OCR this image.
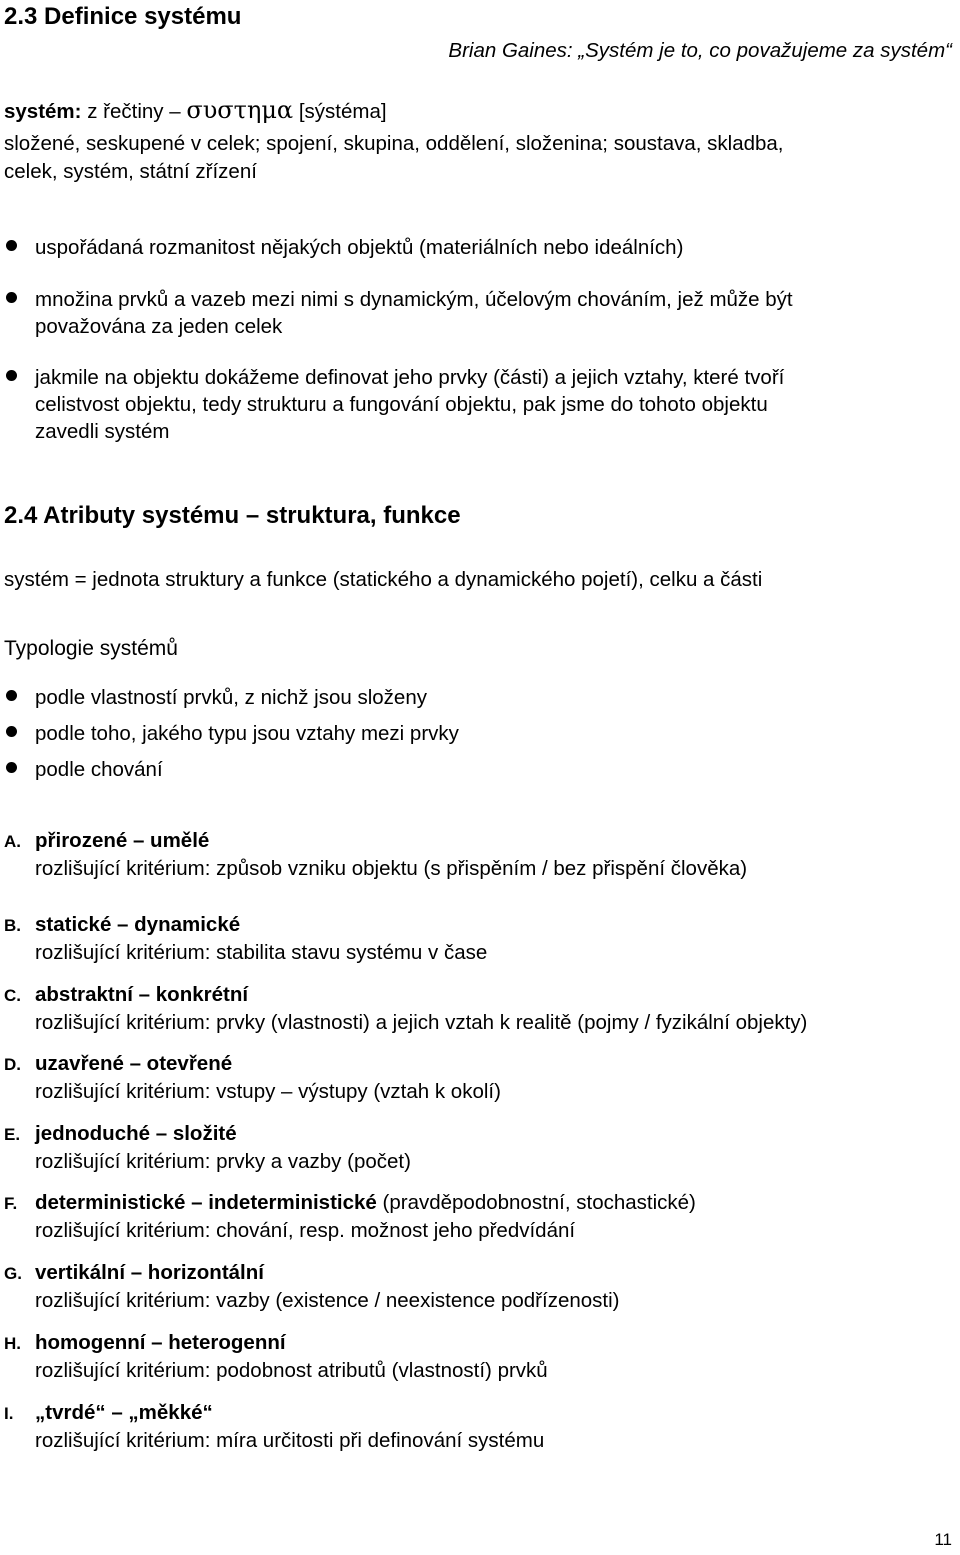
2.3 Definice systému
Brian Gaines: „Systém je to, co považujeme za systém“
systém: z řečtiny – συστημα [sýstéma]
složené, seskupené v celek; spojení, skupina, oddělení, složenina; soustava, skladba,
celek, systém, státní zřízení
uspořádaná rozmanitost nějakých objektů (materiálních nebo ideálních)
množina prvků a vazeb mezi nimi s dynamickým, účelovým chováním, jež může být
považována za jeden celek
jakmile na objektu dokážeme definovat jeho prvky (části) a jejich vztahy, které tvoří
celistvost objektu, tedy strukturu a fungování objektu, pak jsme do tohoto objektu
zavedli systém
2.4 Atributy systému – struktura, funkce
systém = jednota struktury a funkce (statického a dynamického pojetí), celku a části
Typologie systémů
podle vlastností prvků, z nichž jsou složeny
podle toho, jakého typu jsou vztahy mezi prvky
podle chování
A. přirozené – umělé
rozlišující kritérium: způsob vzniku objektu (s přispěním / bez přispění člověka)
B. statické – dynamické
rozlišující kritérium: stabilita stavu systému v čase
C. abstraktní – konkrétní
rozlišující kritérium: prvky (vlastnosti) a jejich vztah k realitě (pojmy / fyzikální objekty)
D. uzavřené – otevřené
rozlišující kritérium: vstupy – výstupy (vztah k okolí)
E. jednoduché – složité
rozlišující kritérium: prvky a vazby (počet)
F. deterministické – indeterministické (pravděpodobnostní, stochastické)
rozlišující kritérium: chování, resp. možnost jeho předvídání
G. vertikální – horizontální
rozlišující kritérium: vazby (existence / neexistence podřízenosti)
H. homogenní – heterogenní
rozlišující kritérium: podobnost atributů (vlastností) prvků
I. „tvrdé“ – „měkké“
rozlišující kritérium: míra určitosti při definování systému
11
